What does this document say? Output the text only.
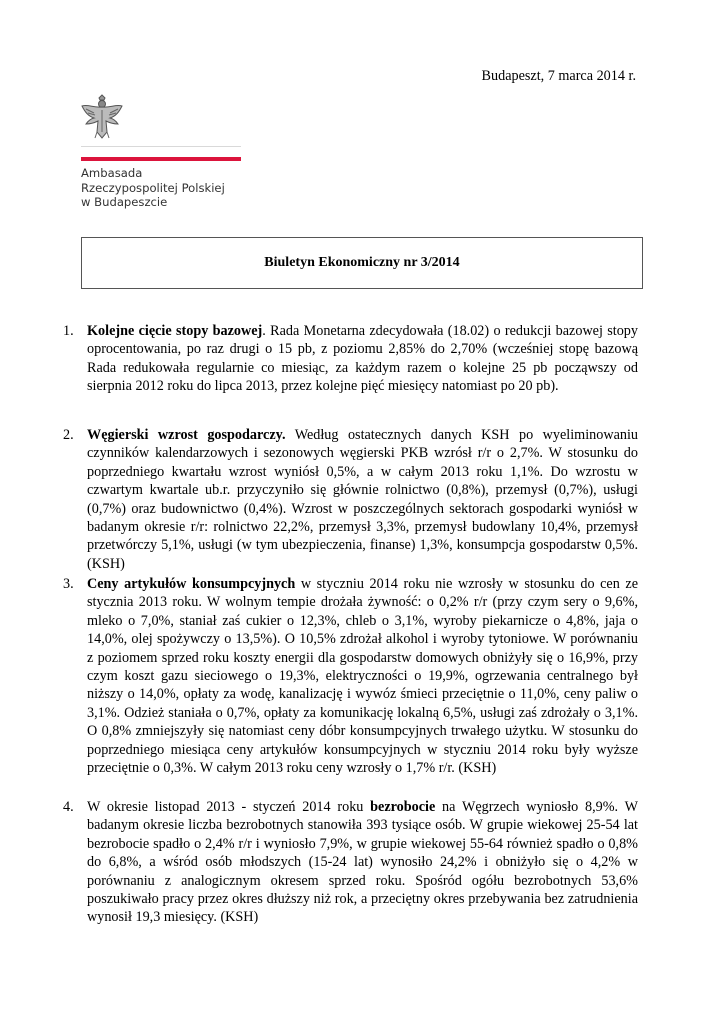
Budapeszt, 7 marca 2014 r.
Ambasada
Rzeczypospolitej Polskiej
w Budapeszcie
Biuletyn Ekonomiczny nr 3/2014
1. Kolejne cięcie stopy bazowej. Rada Monetarna zdecydowała (18.02) o redukcji bazowej stopy oprocentowania, po raz drugi o 15 pb, z poziomu 2,85% do 2,70% (wcześniej stopę bazową Rada redukowała regularnie co miesiąc, za każdym razem o kolejne 25 pb począwszy od sierpnia 2012 roku do lipca 2013, przez kolejne pięć miesięcy natomiast po 20 pb).
2. Węgierski wzrost gospodarczy. Według ostatecznych danych KSH po wyeliminowaniu czynników kalendarzowych i sezonowych węgierski PKB wzrósł r/r o 2,7%. W stosunku do poprzedniego kwartału wzrost wyniósł 0,5%, a w całym 2013 roku 1,1%. Do wzrostu w czwartym kwartale ub.r. przyczyniło się głównie rolnictwo (0,8%), przemysł (0,7%), usługi (0,7%) oraz budownictwo (0,4%). Wzrost w poszczególnych sektorach gospodarki wyniósł w badanym okresie r/r: rolnictwo 22,2%, przemysł 3,3%, przemysł budowlany 10,4%, przemysł przetwórczy 5,1%, usługi (w tym ubezpieczenia, finanse) 1,3%, konsumpcja gospodarstw 0,5%. (KSH)
3. Ceny artykułów konsumpcyjnych w styczniu 2014 roku nie wzrosły w stosunku do cen ze stycznia 2013 roku. W wolnym tempie drożała żywność: o 0,2% r/r (przy czym sery o 9,6%, mleko o 7,0%, staniał zaś cukier o 12,3%, chleb o 3,1%, wyroby piekarnicze o 4,8%, jaja o 14,0%, olej spożywczy o 13,5%). O 10,5% zdrożał alkohol i wyroby tytoniowe. W porównaniu z poziomem sprzed roku koszty energii dla gospodarstw domowych obniżyły się o 16,9%, przy czym koszt gazu sieciowego o 19,3%, elektryczności o 19,9%, ogrzewania centralnego był niższy o 14,0%, opłaty za wodę, kanalizację i wywóz śmieci przeciętnie o 11,0%, ceny paliw o 3,1%. Odzież staniała o 0,7%, opłaty za komunikację lokalną 6,5%, usługi zaś zdrożały o 3,1%. O 0,8% zmniejszyły się natomiast ceny dóbr konsumpcyjnych trwałego użytku. W stosunku do poprzedniego miesiąca ceny artykułów konsumpcyjnych w styczniu 2014 roku były wyższe przeciętnie o 0,3%. W całym 2013 roku ceny wzrosły o 1,7% r/r. (KSH)
4. W okresie listopad 2013 - styczeń 2014 roku bezrobocie na Węgrzech wyniosło 8,9%. W badanym okresie liczba bezrobotnych stanowiła 393 tysiące osób. W grupie wiekowej 25-54 lat bezrobocie spadło o 2,4% r/r i wyniosło 7,9%, w grupie wiekowej 55-64 również spadło o 0,8% do 6,8%, a wśród osób młodszych (15-24 lat) wynosiło 24,2% i obniżyło się o 4,2% w porównaniu z analogicznym okresem sprzed roku. Spośród ogółu bezrobotnych 53,6% poszukiwało pracy przez okres dłuższy niż rok, a przeciętny okres przebywania bez zatrudnienia wynosił 19,3 miesięcy. (KSH)
